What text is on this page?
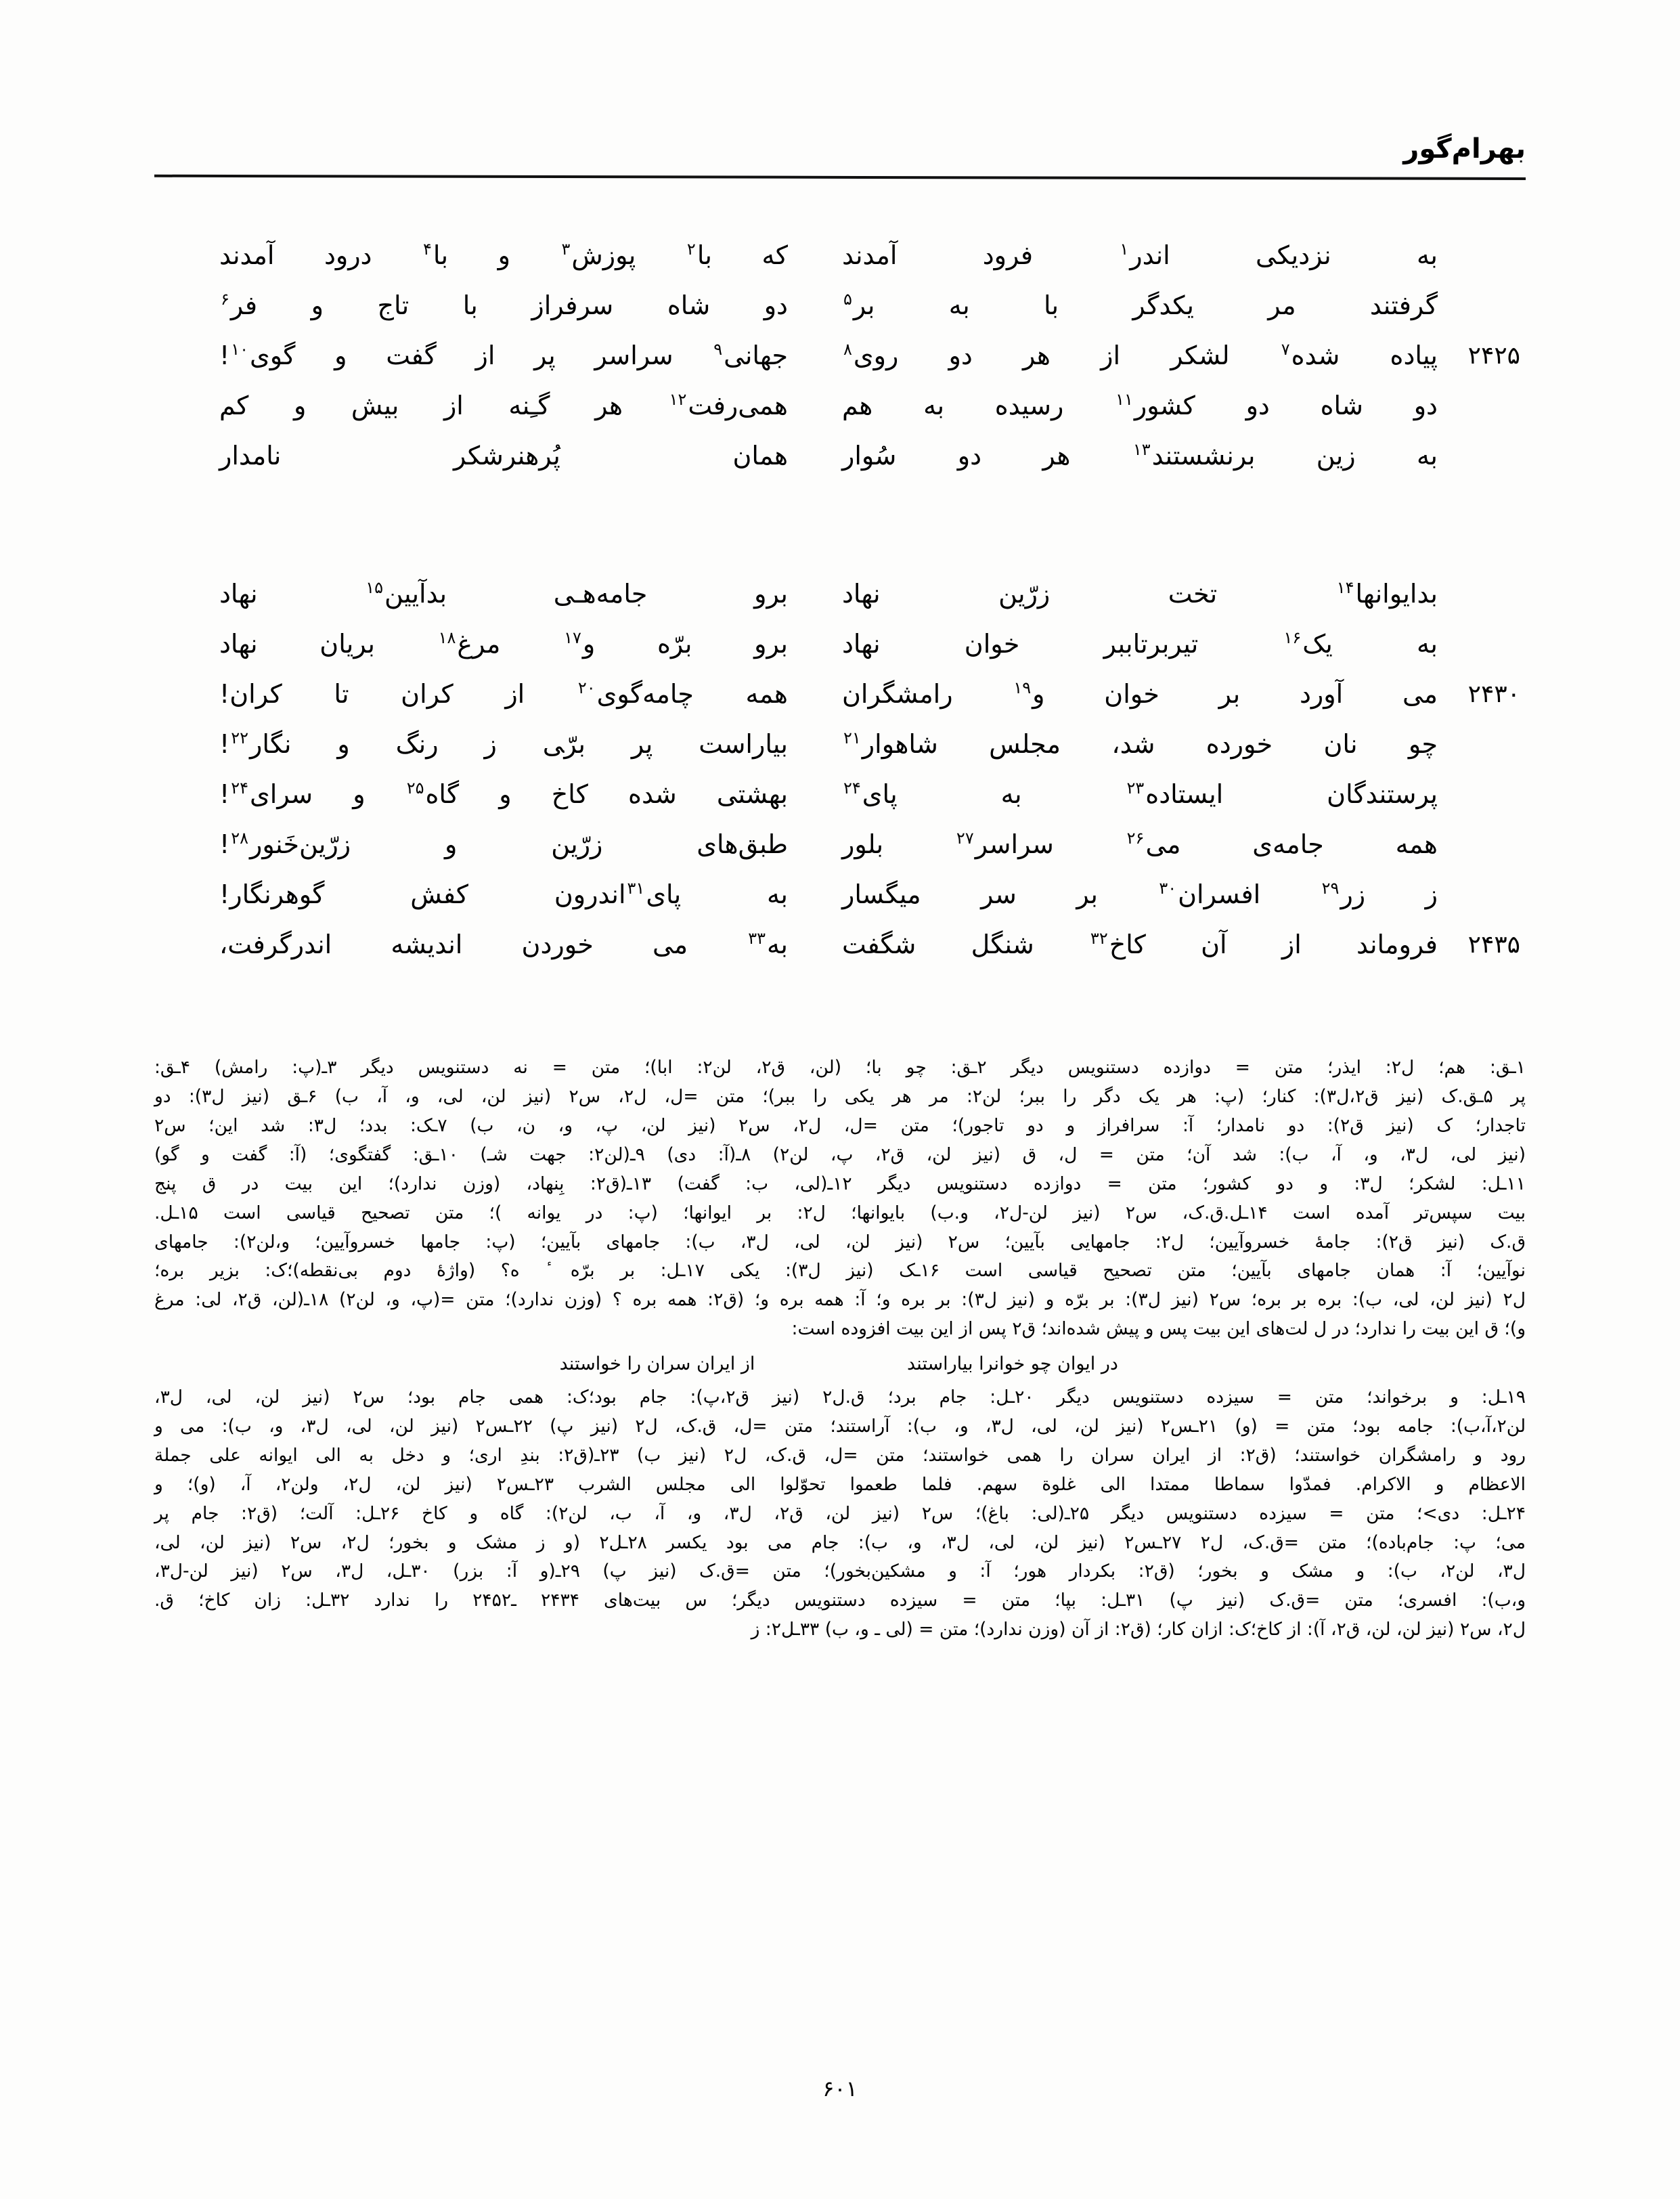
بهرام‌گور
به نزدیکی اندر$^۱$ فرود آمدند
که با$^۲$ پوزش$^۳$ و با$^۴$ درود آمدند
گرفتند مر یکدگر با به بر$^۵$
دو شاه سرفراز با تاج و فر$^۶$
۲۴۲۵
پیاده شده$^۷$ لشکر از هر دو روی$^۸$
جهانی$^۹$ سراسر پر از گفت و گوی$^{۱۰}$!
دو شاه دو کشور$^{۱۱}$ رسیده به هم
همی‌رفت$^{۱۲}$ هر گـِنه از بیش و کم
به زین برنشستند$^{۱۳}$ هر دو سُوار
همان پُرهنرشکر نامدار
بدایوانها$^{۱۴}$ تخت زرّین نهاد
برو جامه‌هـﻰ بدآیین$^{۱۵}$ نهاد
به یک$^{۱۶}$ تیربرتاببر خوان نهاد
برو برّه و$^{۱۷}$ مرغ$^{۱۸}$ بریان نهاد
۲۴۳۰
می آورد بر خوان و$^{۱۹}$ رامشگران
همه چامه‌گوی$^{۲۰}$ از کران تا کران!
چو نان خورده شد، مجلس شاهوار$^{۲۱}$
بیاراست پر برّﻰ ز رنگ و نگار$^{۲۲}$!
پرستندگان ایستاده$^{۲۳}$ به پای$^{۲۴}$
بهشتی شده کاخ و گاه$^{۲۵}$ و سرای$^{۲۴}$!
همه جامه‌ی می$^{۲۶}$ سراسر$^{۲۷}$ بلور
طبق‌های زرّین و زرّین‌خَنور$^{۲۸}$!
ز زر$^{۲۹}$ افسران$^{۳۰}$ بر سر میگسار
به پای$^{۳۱}$اندرون کفش گوهرنگار!
۲۴۳۵
فروماند از آن کاخ$^{۳۲}$ شنگل شگفت
به$^{۳۳}$ می خوردن اندیشه اندرگرفت،

۱ـق: هم؛ ل۲: ایذر؛ متن = دوازده دستنویس دیگر ۲ـق: چو با؛ (لن، ق۲، لن۲: ابا)؛ متن = نه دستنویس دیگر ۳ـ(پ: رامش) ۴ـق:

پر ۵ـق.ک (نیز ق۲،ل۳): کنار؛ (پ: هر یک دگر را ببر؛ لن۲: مر هر یکی را ببر)؛ متن =ل، ل۲، س۲ (نیز لن، لی، و، آ، ب) ۶ـق (نیز ل۳): دو

تاجدار؛ ک (نیز ق۲): دو نامدار؛ آ: سرافراز و دو تاجور)؛ متن =ل، ل۲، س۲ (نیز لن، پ، و، ن، ب) ۷ـک: بدد؛ ل۳: شد این؛ س۲

(نیز لی، ل۳، و، آ، ب): شد آن؛ متن = ل، ق (نیز لن، ق۲، پ، لن۲) ۸ـ(آ: دی) ۹ـ(لن۲: جهت شـ) ۱۰ـق: گفتگوی؛ (آ: گفت و گو)

۱۱ـل: لشکر؛ ل۳: و دو کشور؛ متن = دوازده دستنویس دیگر ۱۲ـ(لی، ب: گفت) ۱۳ـ(ق۲: بِنهاد، (وزن ندارد)؛ این بیت در ق پنج

بیت سپس‌تر آمده است ۱۴ـل.ق.ک، س۲ (نیز لن-ل۲، و.ب) بایوانها؛ ل۲: بر ایوانها؛ (پ: در یوانه )؛ متن تصحیح قیاسی است ۱۵ـل.

ق.ک (نیز ق۲): جامهٔ خسروآیین؛ ل۲: جامهایی بآیین؛ س۲ (نیز لن، لی، ل۳، ب): جامهای بآیین؛ (پ: جامها خسروآیین؛ و،لن۲): جامهای

نوآیین؛ آ: همان جامهای بآیین؛ متن تصحیح قیاسی است ۱۶ـک (نیز ل۳): یکی ۱۷ـل: بر برّه ٔ ه؟ (واژهٔ دوم بی‌نقطه)؛ک: بزیر بره؛

ل۲ (نیز لن، لی، ب): بره بر بره؛ س۲ (نیز ل۳): بر برّه و (نیز ل۳): بر بره و؛ آ: همه بره و؛ (ق۲: همه بره ؟ (وزن ندارد)؛ متن =(پ، و، لن۲) ۱۸ـ(لن، ق۲، لی: مرغ

و)؛ ق این بیت را ندارد؛ در ل لت‌های این بیت پس و پیش شده‌اند؛ ق۲ پس از این بیت افزوده است:

در ایوان چو خوانرا بیاراستنداز ایران سران را خواستند

۱۹ـل: و برخواند؛ متن = سیزده دستنویس دیگر ۲۰ـل: جام برد؛ ق.ل۲ (نیز ق۲،پ): جام بود؛ک: همی جام بود؛ س۲ (نیز لن، لی، ل۳،

لن۲،آ،ب): جامه بود؛ متن = (و) ۲۱ـس۲ (نیز لن، لی، ل۳، و، ب): آراستند؛ متن =ل، ق.ک، ل۲ (نیز پ) ۲۲ـس۲ (نیز لن، لی، ل۳، و، ب): می و

رود و رامشگران خواستند؛ (ق۲: از ایران سران را همی خواستند؛ متن =ل، ق.ک، ل۲ (نیز ب) ۲۳ـ(ق۲: بندِ اری؛ و دخل به الی ایوانه علی جملة

الاعظام و الاکرام. فمدّوا سماطا ممتدا الی غلوة سهم. فلما طعموا تحوّلوا الی مجلس الشرب ۲۳ـس۲ (نیز لن، ل۲، ولن۲، آ، (و)؛ و

۲۴ـل: دی>؛ متن = سیزده دستنویس دیگر ۲۵ـ(لی: باغ)؛ س۲ (نیز لن، ق۲، ل۳، و، آ، ب، لن۲): گاه و کاخ ۲۶ـل: آلت؛ (ق۲: جام پر

می؛ پ: جام‌باده)؛ متن =ق.ک، ل۲ ۲۷ـس۲ (نیز لن، لی، ل۳، و، ب): جام می بود یکسر ۲۸ـل۲ (و ز مشک و بخور؛ ل۲، س۲ (نیز لن، لی،

ل۳، لن۲، ب): و مشک و بخور؛ (ق۲: بکردار هور؛ آ: و مشکین‌بخور)؛ متن =ق.ک (نیز پ) ۲۹ـ(و آ: بزر) ۳۰ـل، ل۳، س۲ (نیز لن-ل۳،

و،ب): افسری؛ متن =ق.ک (نیز پ) ۳۱ـل: بپا؛ متن = سیزده دستنویس دیگر؛ س بیت‌های ۲۴۳۴ ـ۲۴۵۲ را ندارد ۳۲ـل: زان کاخ؛ ق.

ل۲، س۲ (نیز لن، لن، ق۲، آ): از کاخ؛ک: ازان کار؛ (ق۲: از آن (وزن ندارد)؛ متن = (لی ـ و، ب) ۳۳ـل۲: ز

۶۰۱
